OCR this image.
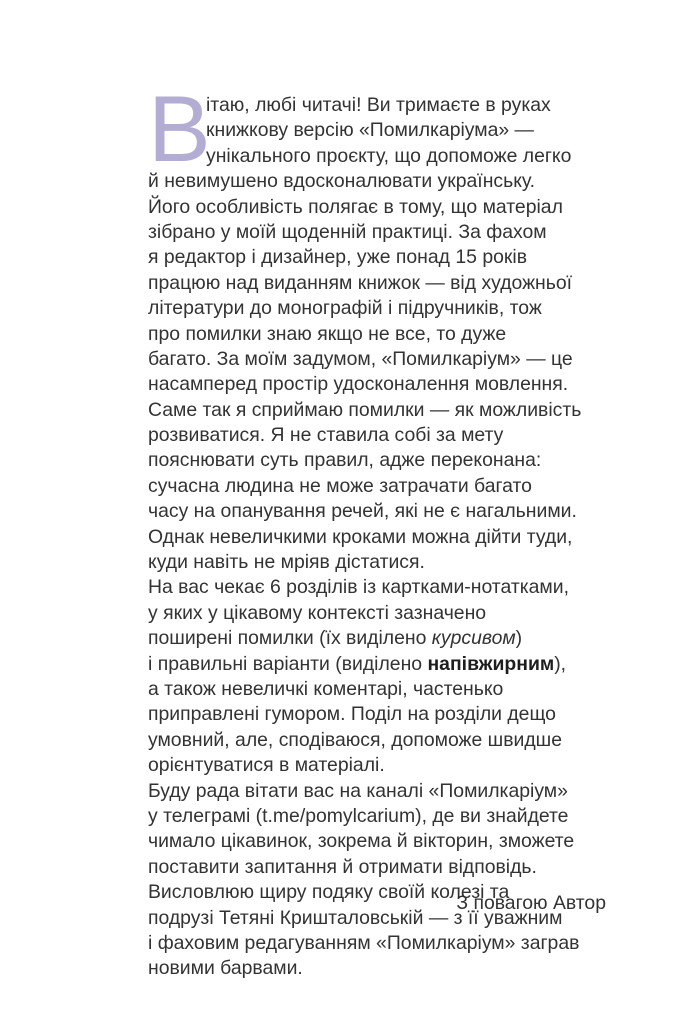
В
ітаю, любі читачі! Ви тримаєте в руках
книжкову версію «Помилкаріума» —
унікального проєкту, що допоможе легко
й невимушено вдосконалювати українську.
Його особливість полягає в тому, що матеріал
зібрано у моїй щоденній практиці. За фахом
я редактор і дизайнер, уже понад 15 років
працюю над виданням книжок — від художньої
літератури до монографій і підручників, тож
про помилки знаю якщо не все, то дуже
багато. За моїм задумом, «Помилкаріум» — це
насамперед простір удосконалення мовлення.
Саме так я сприймаю помилки — як можливість
розвиватися. Я не ставила собі за мету
пояснювати суть правил, адже переконана:
сучасна людина не може затрачати багато
часу на опанування речей, які не є нагальними.
Однак невеличкими кроками можна дійти туди,
куди навіть не мріяв дістатися.
На вас чекає 6 розділів із картками-нотатками,
у яких у цікавому контексті зазначено
поширені помилки (їх виділено курсивом)
і правильні варіанти (виділено напівжирним),
а також невеличкі коментарі, частенько
приправлені гумором. Поділ на розділи дещо
умовний, але, сподіваюся, допоможе швидше
орієнтуватися в матеріалі.
Буду рада вітати вас на каналі «Помилкаріум»
у телеграмі (t.me/pomylcarium), де ви знайдете
чимало цікавинок, зокрема й вікторин, зможете
поставити запитання й отримати відповідь.
Висловлюю щиру подяку своїй колезі та
подрузі Тетяні Кришталовській — з її уважним
і фаховим редагуванням «Помилкаріум» заграв
новими барвами.
З повагою Автор
